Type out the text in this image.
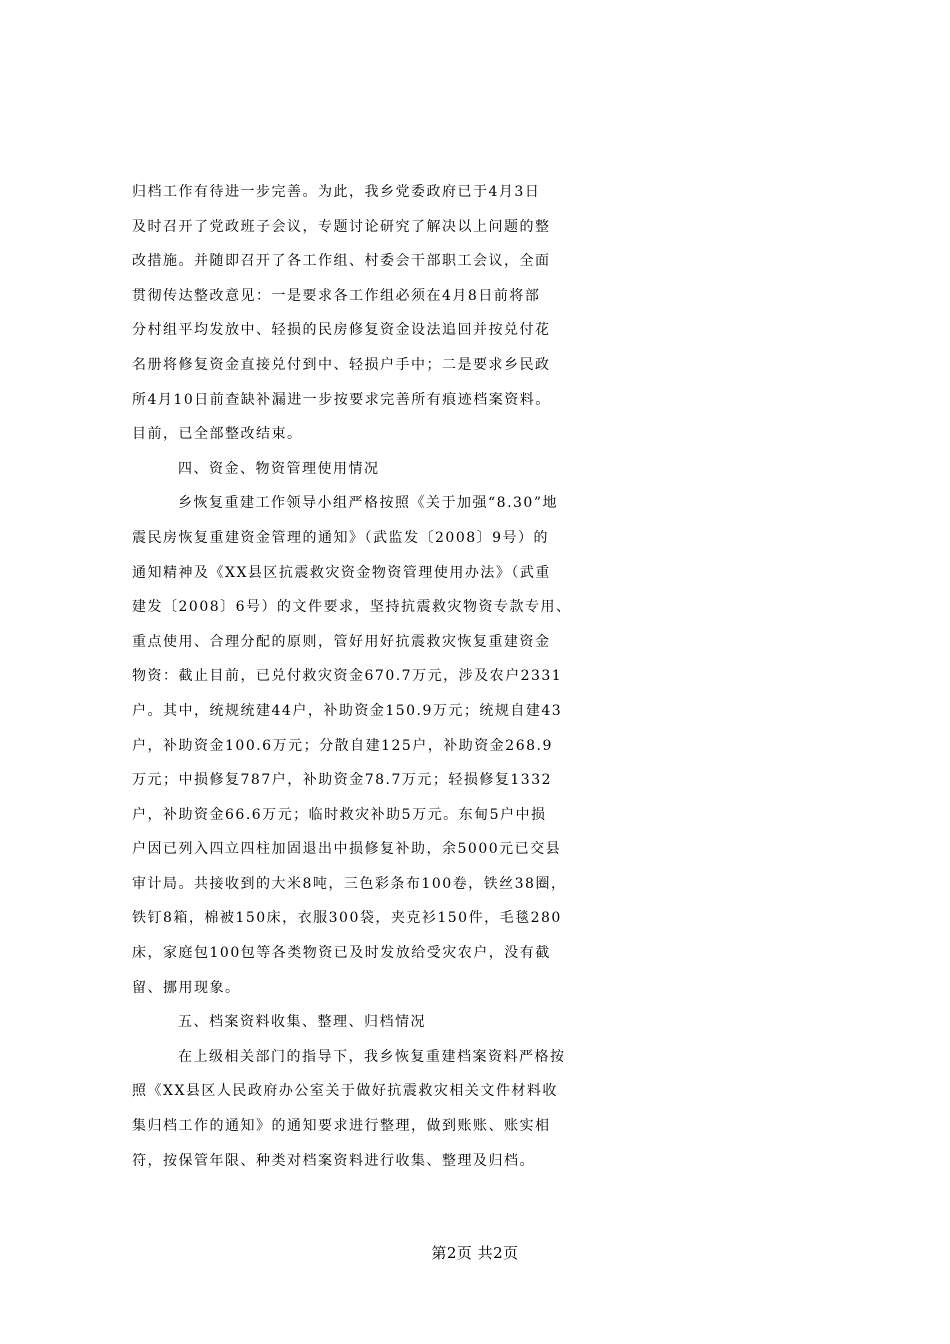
归档工作有待进一步完善。为此，我乡党委政府已于4月3日
及时召开了党政班子会议，专题讨论研究了解决以上问题的整
改措施。并随即召开了各工作组、村委会干部职工会议，全面
贯彻传达整改意见：一是要求各工作组必须在4月8日前将部
分村组平均发放中、轻损的民房修复资金设法追回并按兑付花
名册将修复资金直接兑付到中、轻损户手中；二是要求乡民政
所4月10日前查缺补漏进一步按要求完善所有痕迹档案资料。
目前，已全部整改结束。
四、资金、物资管理使用情况
乡恢复重建工作领导小组严格按照《关于加强“8.30”地
震民房恢复重建资金管理的通知》（武监发〔2008〕9号）的
通知精神及《XX县区抗震救灾资金物资管理使用办法》（武重
建发〔2008〕6号）的文件要求，坚持抗震救灾物资专款专用、
重点使用、合理分配的原则，管好用好抗震救灾恢复重建资金
物资：截止目前，已兑付救灾资金670.7万元，涉及农户2331
户。其中，统规统建44户，补助资金150.9万元；统规自建43
户，补助资金100.6万元；分散自建125户，补助资金268.9
万元；中损修复787户，补助资金78.7万元；轻损修复1332
户，补助资金66.6万元；临时救灾补助5万元。东甸5户中损
户因已列入四立四柱加固退出中损修复补助，余5000元已交县
审计局。共接收到的大米8吨，三色彩条布100卷，铁丝38圈，
铁钉8箱，棉被150床，衣服300袋，夹克衫150件，毛毯280
床，家庭包100包等各类物资已及时发放给受灾农户，没有截
留、挪用现象。
五、档案资料收集、整理、归档情况
在上级相关部门的指导下，我乡恢复重建档案资料严格按
照《XX县区人民政府办公室关于做好抗震救灾相关文件材料收
集归档工作的通知》的通知要求进行整理，做到账账、账实相
符，按保管年限、种类对档案资料进行收集、整理及归档。
第2页 共2页
